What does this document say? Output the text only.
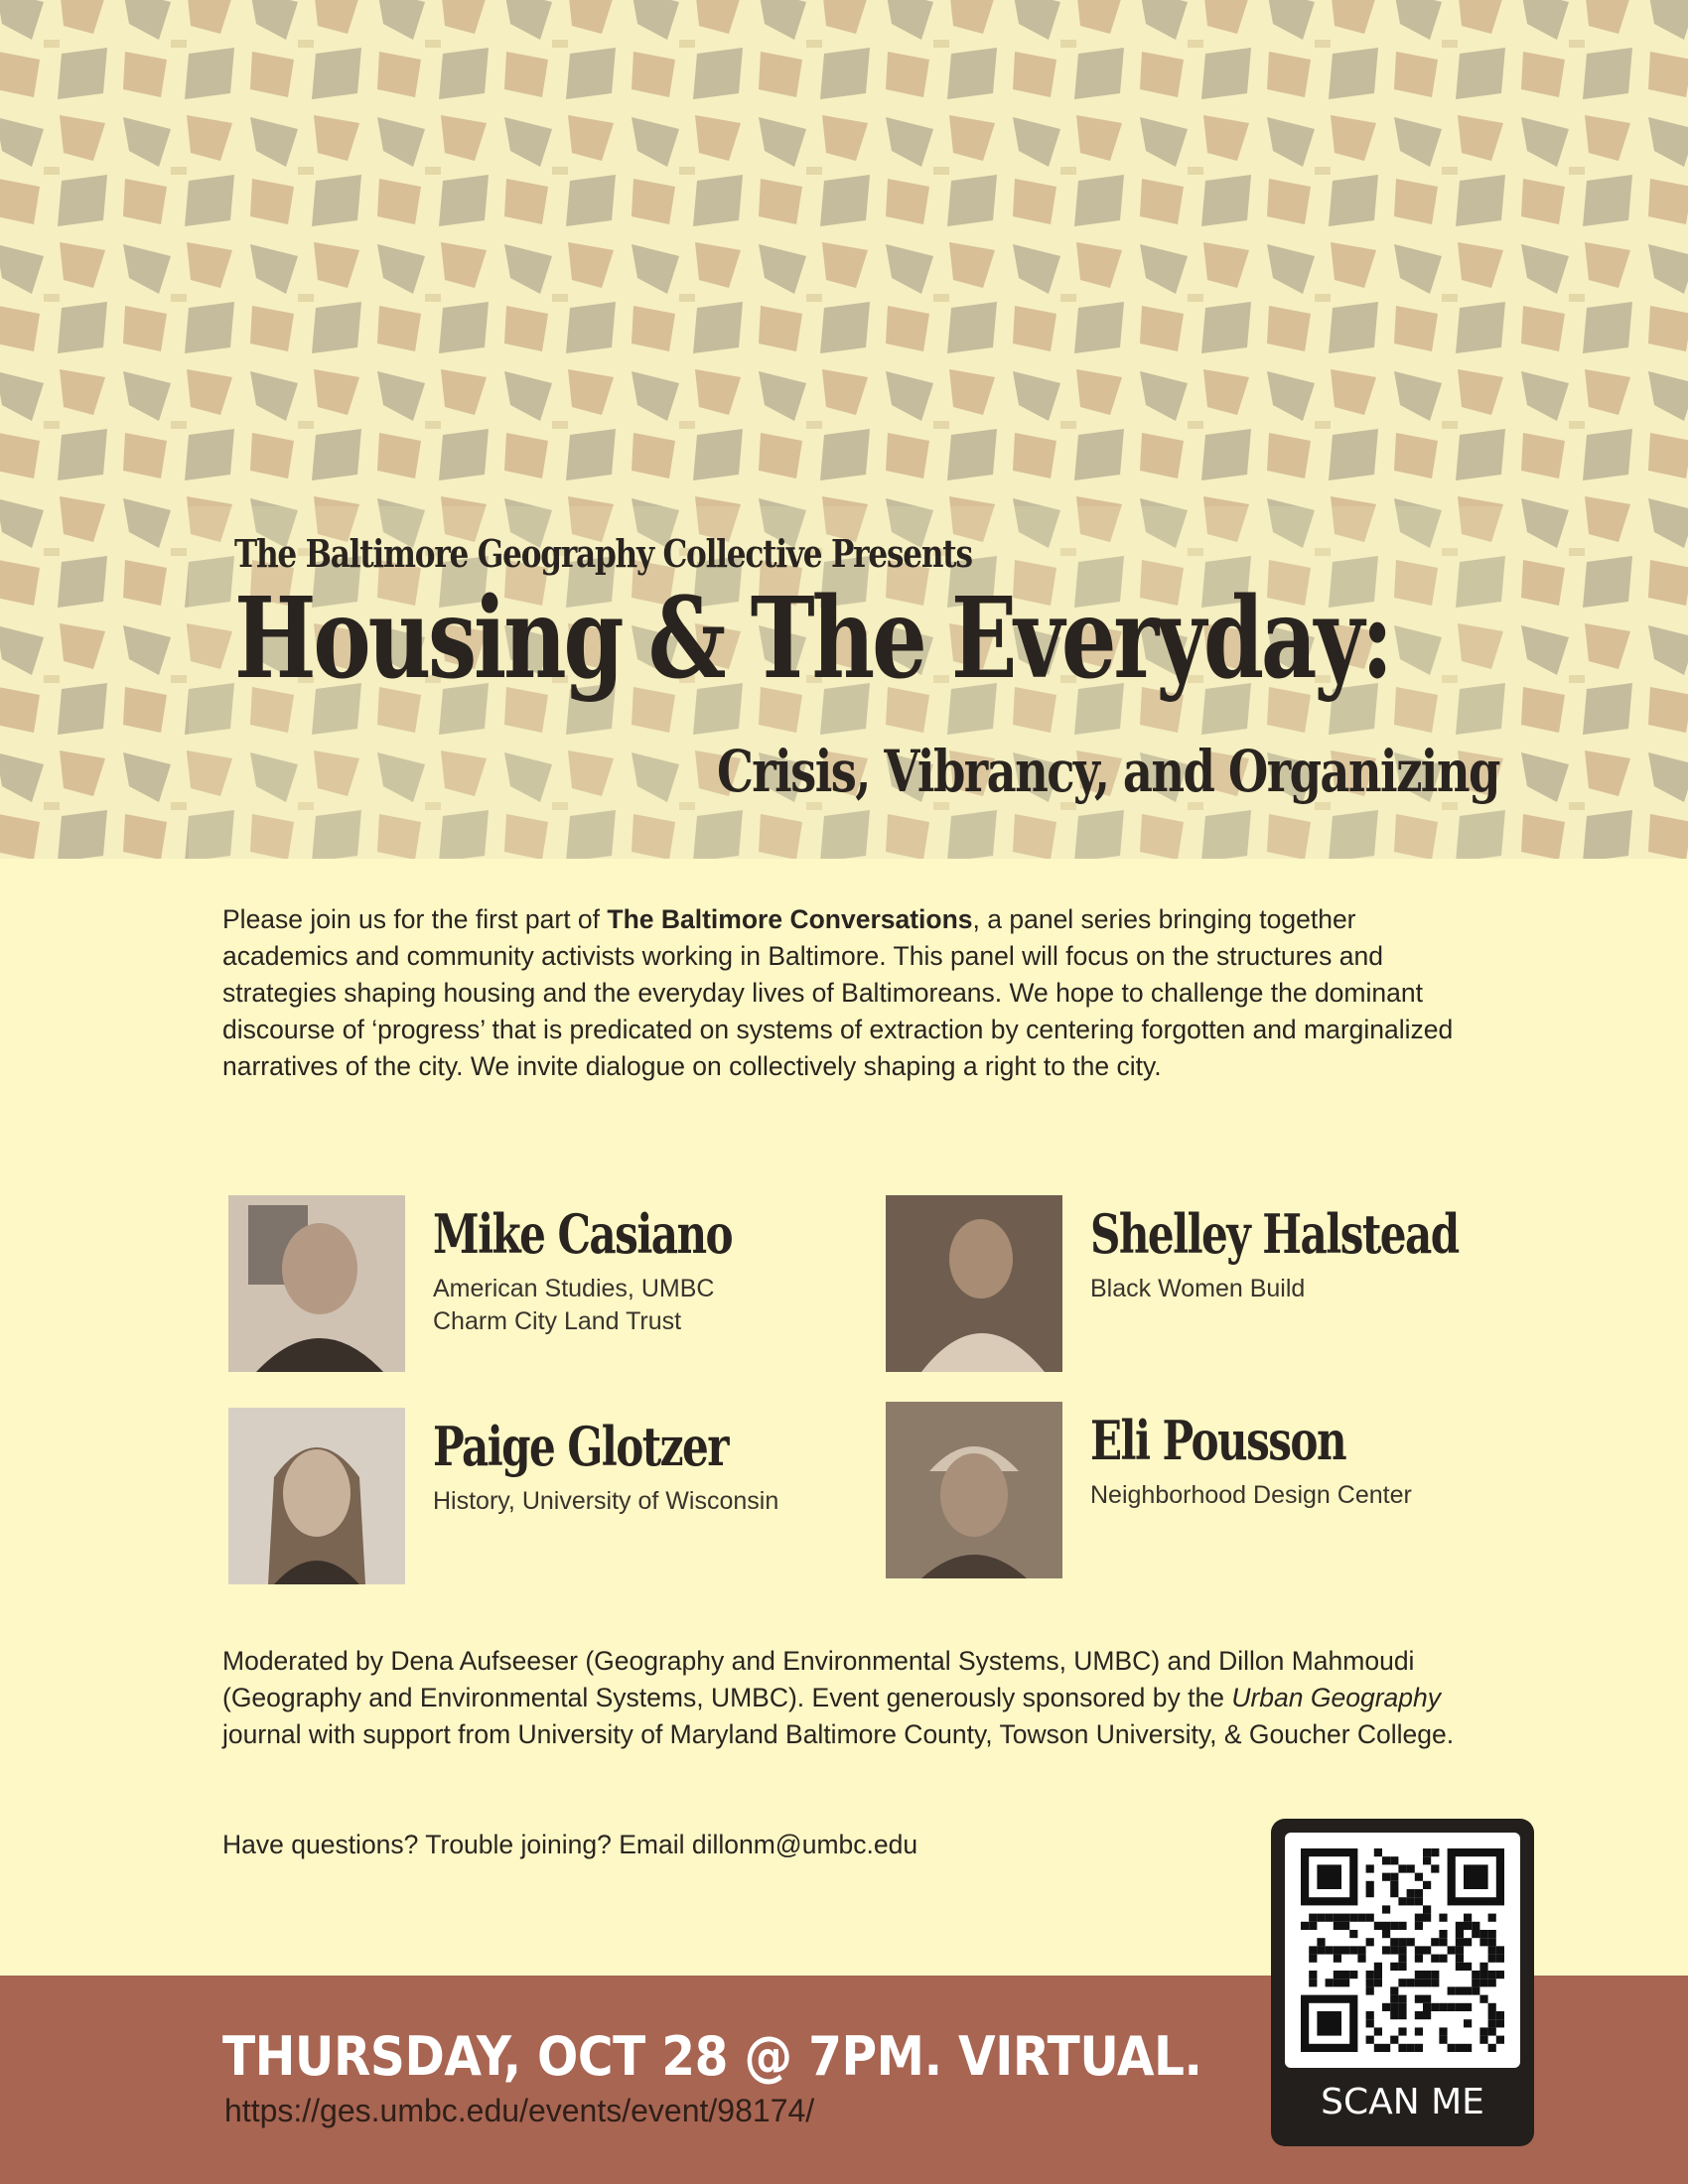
The Baltimore Geography Collective Presents

Housing & The Everyday:
Crisis, Vibrancy, and Organizing

Please join us for the first part of The Baltimore Conversations, a panel series bringing together academics and community activists working in Baltimore. This panel will focus on the structures and strategies shaping housing and the everyday lives of Baltimoreans. We hope to challenge the dominant discourse of ‘progress’ that is predicated on systems of extraction by centering forgotten and marginalized narratives of the city. We invite dialogue on collectively shaping a right to the city.

Mike Casiano

American Studies, UMBC
Charm City Land Trust

Shelley Halstead

Black Women Build

Paige Glotzer

History, University of Wisconsin

Eli Pousson

Neighborhood Design Center

Moderated by Dena Aufseeser (Geography and Environmental Systems, UMBC) and Dillon Mahmoudi (Geography and Environmental Systems, UMBC). Event generously sponsored by the Urban Geography journal with support from University of Maryland Baltimore County, Towson University, & Goucher College.

Have questions? Trouble joining? Email dillonm@umbc.edu

THURSDAY, OCT 28 @ 7PM. VIRTUAL.

https://ges.umbc.edu/events/event/98174/	SCAN ME
